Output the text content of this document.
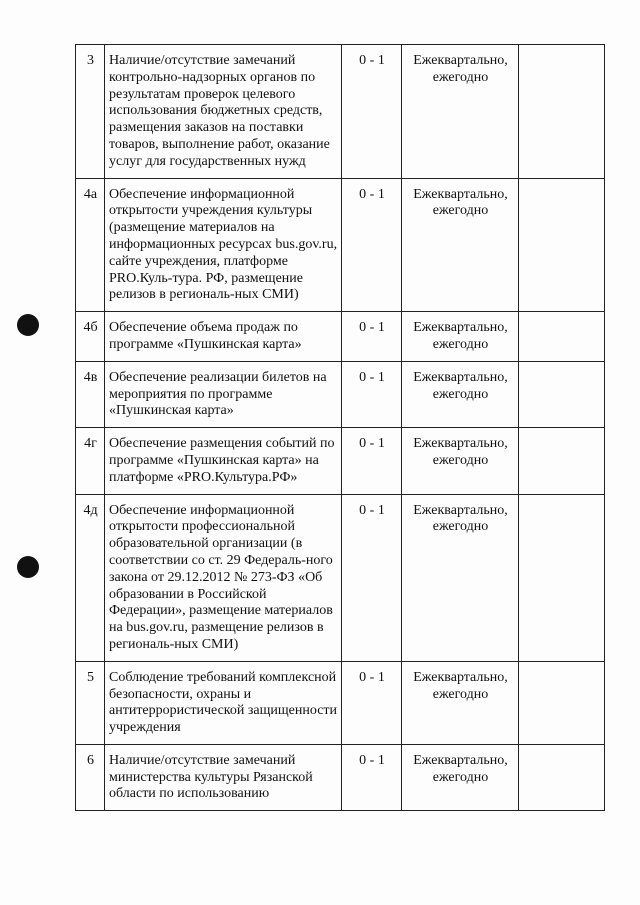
3	Наличие/отсутствие замечаний контрольно-надзорных органов по результатам проверок целевого использования бюджетных средств, размещения заказов на поставки товаров, выполнение работ, оказание услуг для государственных нужд	0 - 1	Ежеквартально, ежегодно	
4а	Обеспечение информационной открытости учреждения культуры (размещение материалов на информационных ресурсах bus.gov.ru, сайте учреждения, платформе PRO.Куль-тура. РФ, размещение релизов в региональ-ных СМИ)	0 - 1	Ежеквартально, ежегодно	
4б	Обеспечение объема продаж по программе «Пушкинская карта»	0 - 1	Ежеквартально, ежегодно	
4в	Обеспечение реализации билетов на мероприятия по программе «Пушкинская карта»	0 - 1	Ежеквартально, ежегодно	
4г	Обеспечение размещения событий по программе «Пушкинская карта» на платформе «PRO.Культура.РФ»	0 - 1	Ежеквартально, ежегодно	
4д	Обеспечение информационной открытости профессиональной образовательной организации (в соответствии со ст. 29 Федераль-ного закона от 29.12.2012 № 273-ФЗ «Об образовании в Российской Федерации», размещение материалов на bus.gov.ru, размещение релизов в региональ-ных СМИ)	0 - 1	Ежеквартально, ежегодно	
5	Соблюдение требований комплексной безопасности, охраны и антитеррористической защищенности учреждения	0 - 1	Ежеквартально, ежегодно	
6	Наличие/отсутствие замечаний министерства культуры Рязанской области по использованию	0 - 1	Ежеквартально, ежегодно	
